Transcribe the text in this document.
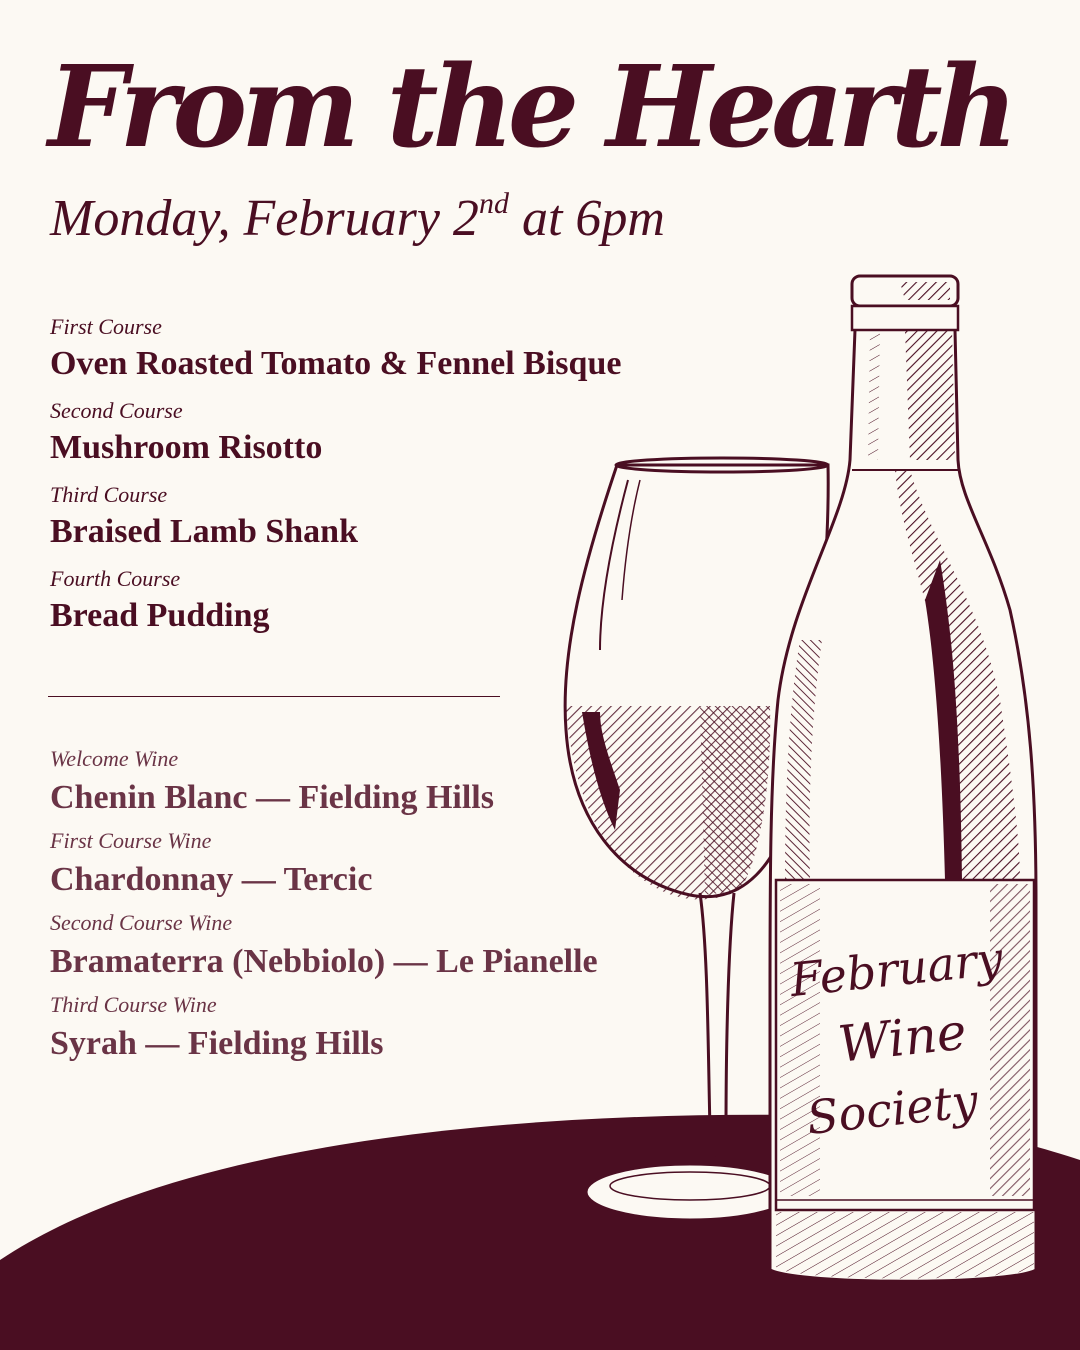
February
Wine
Society
From the Hearth
Monday, February 2nd at 6pm
First Course
Oven Roasted Tomato & Fennel Bisque
Second Course
Mushroom Risotto
Third Course
Braised Lamb Shank
Fourth Course
Bread Pudding
Welcome Wine
Chenin Blanc — Fielding Hills
First Course Wine
Chardonnay — Tercic
Second Course Wine
Bramaterra (Nebbiolo) — Le Pianelle
Third Course Wine
Syrah — Fielding Hills
